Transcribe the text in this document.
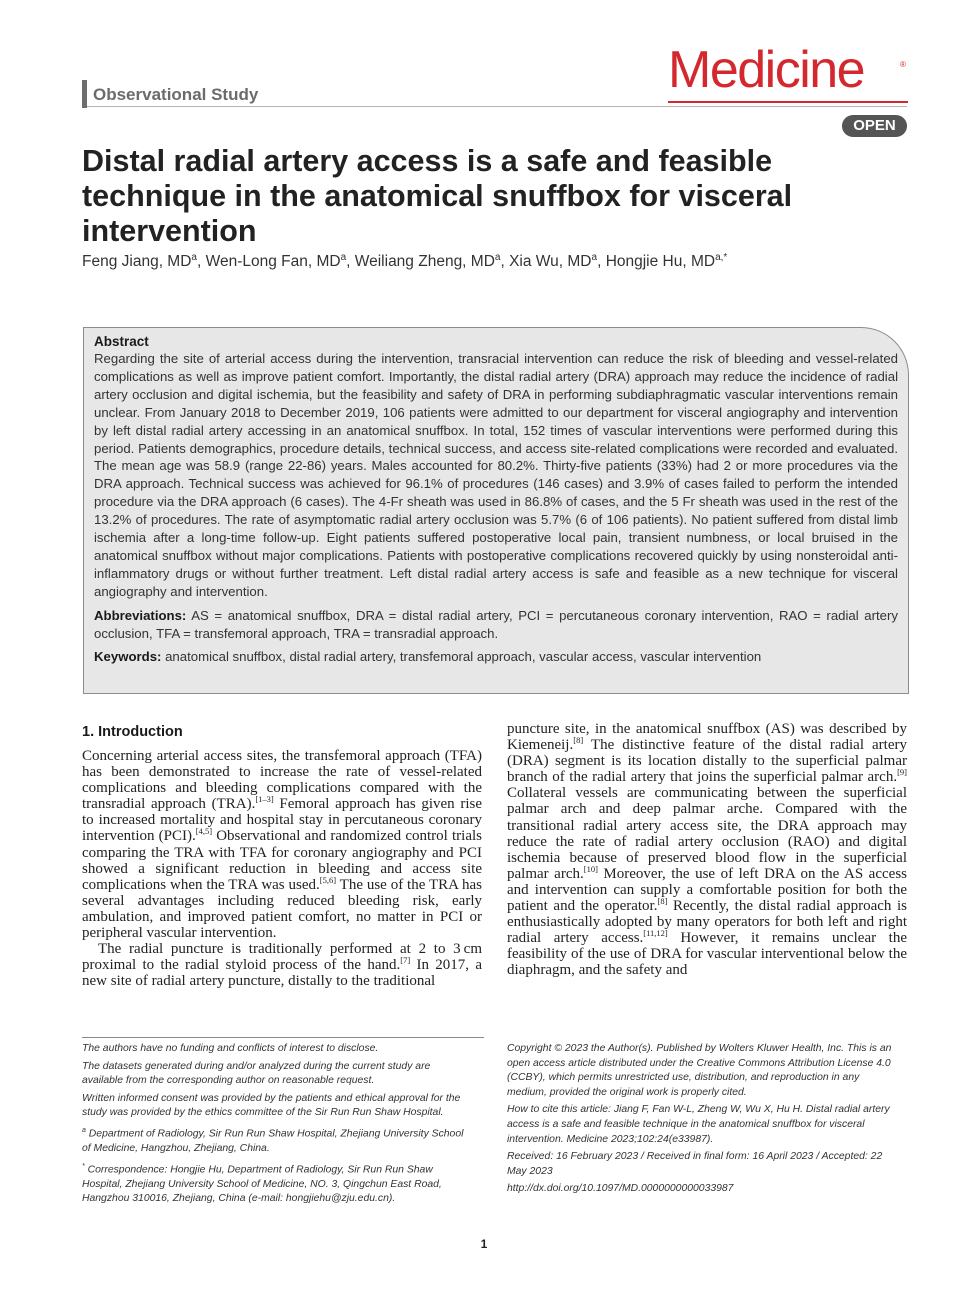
Observational Study	Medicine	®
OPEN
Distal radial artery access is a safe and feasible technique in the anatomical snuffbox for visceral intervention
Feng Jiang, $MD^a$, Wen-Long Fan, $MD^a$, Weiliang Zheng, $MD^a$, Xia Wu, $MD^a$, Hongjie Hu, $MD^{a,*}$

Abstract

Regarding the site of arterial access during the intervention, transracial intervention can reduce the risk of bleeding and vessel-related complications as well as improve patient comfort. Importantly, the distal radial artery (DRA) approach may reduce the incidence of radial artery occlusion and digital ischemia, but the feasibility and safety of DRA in performing subdiaphragmatic vascular interventions remain unclear. From January 2018 to December 2019, 106 patients were admitted to our department for visceral angiography and intervention by left distal radial artery accessing in an anatomical snuffbox. In total, 152 times of vascular interventions were performed during this period. Patients demographics, procedure details, technical success, and access site-related complications were recorded and evaluated. The mean age was 58.9 (range 22-86) years. Males accounted for 80.2%. Thirty-five patients (33%) had 2 or more procedures via the DRA approach. Technical success was achieved for 96.1% of procedures (146 cases) and 3.9% of cases failed to perform the intended procedure via the DRA approach (6 cases). The 4-Fr sheath was used in 86.8% of cases, and the 5 Fr sheath was used in the rest of the 13.2% of procedures. The rate of asymptomatic radial artery occlusion was 5.7% (6 of 106 patients). No patient suffered from distal limb ischemia after a long-time follow-up. Eight patients suffered postoperative local pain, transient numbness, or local bruised in the anatomical snuffbox without major complications. Patients with postoperative complications recovered quickly by using nonsteroidal anti-inflammatory drugs or without further treatment. Left distal radial artery access is safe and feasible as a new technique for visceral angiography and intervention.

Abbreviations: AS = anatomical snuffbox, DRA = distal radial artery, PCI = percutaneous coronary intervention, RAO = radial artery occlusion, TFA = transfemoral approach, TRA = transradial approach.

Keywords: anatomical snuffbox, distal radial artery, transfemoral approach, vascular access, vascular intervention

1. Introduction

Concerning arterial access sites, the transfemoral approach (TFA) has been demonstrated to increase the rate of vessel-related complications and bleeding complications compared with the transradial approach (TRA).[1–3] Femoral approach has given rise to increased mortality and hospital stay in percutaneous coronary intervention (PCI).[4,5] Observational and randomized control trials comparing the TRA with TFA for coronary angiography and PCI showed a significant reduction in bleeding and access site complications when the TRA was used.[5,6] The use of the TRA has several advantages including reduced bleeding risk, early ambulation, and improved patient comfort, no matter in PCI or peripheral vascular intervention.

The radial puncture is traditionally performed at 2 to 3 cm proximal to the radial styloid process of the hand.[7] In 2017, a new site of radial artery puncture, distally to the traditional

puncture site, in the anatomical snuffbox (AS) was described by Kiemeneij.[8] The distinctive feature of the distal radial artery (DRA) segment is its location distally to the superficial palmar branch of the radial artery that joins the superficial palmar arch.[9] Collateral vessels are communicating between the superficial palmar arch and deep palmar arche. Compared with the transitional radial artery access site, the DRA approach may reduce the rate of radial artery occlusion (RAO) and digital ischemia because of preserved blood flow in the superficial palmar arch.[10] Moreover, the use of left DRA on the AS access and intervention can supply a comfortable position for both the patient and the operator.[8] Recently, the distal radial approach is enthusiastically adopted by many operators for both left and right radial artery access.[11,12] However, it remains unclear the feasibility of the use of DRA for vascular interventional below the diaphragm, and the safety and

The authors have no funding and conflicts of interest to disclose.

The datasets generated during and/or analyzed during the current study are available from the corresponding author on reasonable request.

Written informed consent was provided by the patients and ethical approval for the study was provided by the ethics committee of the Sir Run Run Shaw Hospital.

$^a$ Department of Radiology, Sir Run Run Shaw Hospital, Zhejiang University School of Medicine, Hangzhou, Zhejiang, China.

* Correspondence: Hongjie Hu, Department of Radiology, Sir Run Run Shaw Hospital, Zhejiang University School of Medicine, NO. 3, Qingchun East Road, Hangzhou 310016, Zhejiang, China (e-mail: hongjiehu@zju.edu.cn).

Copyright © 2023 the Author(s). Published by Wolters Kluwer Health, Inc. This is an open access article distributed under the Creative Commons Attribution License 4.0 (CCBY), which permits unrestricted use, distribution, and reproduction in any medium, provided the original work is properly cited.

How to cite this article: Jiang F, Fan W-L, Zheng W, Wu X, Hu H. Distal radial artery access is a safe and feasible technique in the anatomical snuffbox for visceral intervention. Medicine 2023;102:24(e33987).

Received: 16 February 2023 / Received in final form: 16 April 2023 / Accepted: 22 May 2023

http://dx.doi.org/10.1097/MD.0000000000033987

1
